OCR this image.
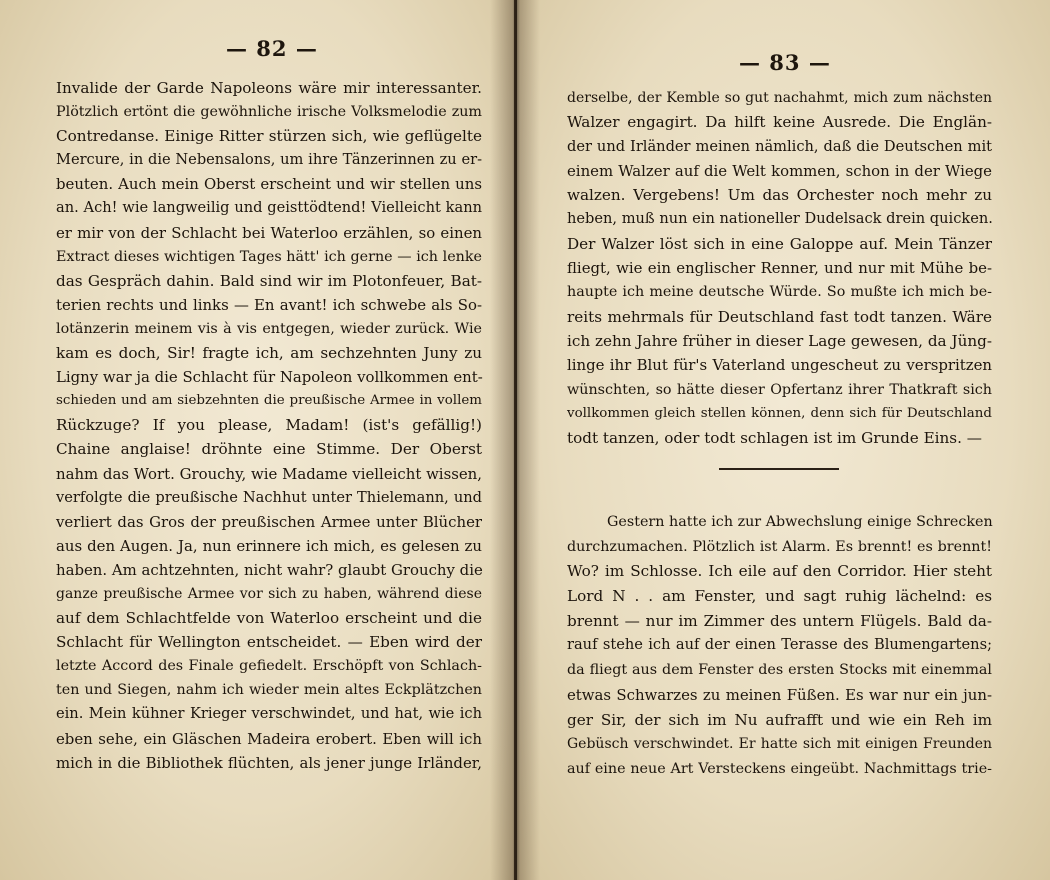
— 82 —
— 83 —
Invalide der Garde Napoleons wäre mir interessanter.
Plötzlich ertönt die gewöhnliche irische Volksmelodie zum
Contredanse. Einige Ritter stürzen sich, wie geflügelte
Mercure, in die Nebensalons, um ihre Tänzerinnen zu er-
beuten. Auch mein Oberst erscheint und wir stellen uns
an. Ach! wie langweilig und geisttödtend! Vielleicht kann
er mir von der Schlacht bei Waterloo erzählen, so einen
Extract dieses wichtigen Tages hätt' ich gerne — ich lenke
das Gespräch dahin. Bald sind wir im Plotonfeuer, Bat-
terien rechts und links — En avant! ich schwebe als So-
lotänzerin meinem vis à vis entgegen, wieder zurück. Wie
kam es doch, Sir! fragte ich, am sechzehnten Juny zu
Ligny war ja die Schlacht für Napoleon vollkommen ent-
schieden und am siebzehnten die preußische Armee in vollem
Rückzuge? If you please, Madam! (ist's gefällig!)
Chaine anglaise! dröhnte eine Stimme. Der Oberst
nahm das Wort. Grouchy, wie Madame vielleicht wissen,
verfolgte die preußische Nachhut unter Thielemann, und
verliert das Gros der preußischen Armee unter Blücher
aus den Augen. Ja, nun erinnere ich mich, es gelesen zu
haben. Am achtzehnten, nicht wahr? glaubt Grouchy die
ganze preußische Armee vor sich zu haben, während diese
auf dem Schlachtfelde von Waterloo erscheint und die
Schlacht für Wellington entscheidet. — Eben wird der
letzte Accord des Finale gefiedelt. Erschöpft von Schlach-
ten und Siegen, nahm ich wieder mein altes Eckplätzchen
ein. Mein kühner Krieger verschwindet, und hat, wie ich
eben sehe, ein Gläschen Madeira erobert. Eben will ich
mich in die Bibliothek flüchten, als jener junge Irländer,
derselbe, der Kemble so gut nachahmt, mich zum nächsten
Walzer engagirt. Da hilft keine Ausrede. Die Englän-
der und Irländer meinen nämlich, daß die Deutschen mit
einem Walzer auf die Welt kommen, schon in der Wiege
walzen. Vergebens! Um das Orchester noch mehr zu
heben, muß nun ein nationeller Dudelsack drein quicken.
Der Walzer löst sich in eine Galoppe auf. Mein Tänzer
fliegt, wie ein englischer Renner, und nur mit Mühe be-
haupte ich meine deutsche Würde. So mußte ich mich be-
reits mehrmals für Deutschland fast todt tanzen. Wäre
ich zehn Jahre früher in dieser Lage gewesen, da Jüng-
linge ihr Blut für's Vaterland ungescheut zu verspritzen
wünschten, so hätte dieser Opfertanz ihrer Thatkraft sich
vollkommen gleich stellen können, denn sich für Deutschland
todt tanzen, oder todt schlagen ist im Grunde Eins. —
Gestern hatte ich zur Abwechslung einige Schrecken
durchzumachen. Plötzlich ist Alarm. Es brennt! es brennt!
Wo? im Schlosse. Ich eile auf den Corridor. Hier steht
Lord N . . am Fenster, und sagt ruhig lächelnd: es
brennt — nur im Zimmer des untern Flügels. Bald da-
rauf stehe ich auf der einen Terasse des Blumengartens;
da fliegt aus dem Fenster des ersten Stocks mit einemmal
etwas Schwarzes zu meinen Füßen. Es war nur ein jun-
ger Sir, der sich im Nu aufrafft und wie ein Reh im
Gebüsch verschwindet. Er hatte sich mit einigen Freunden
auf eine neue Art Versteckens eingeübt. Nachmittags trie-
